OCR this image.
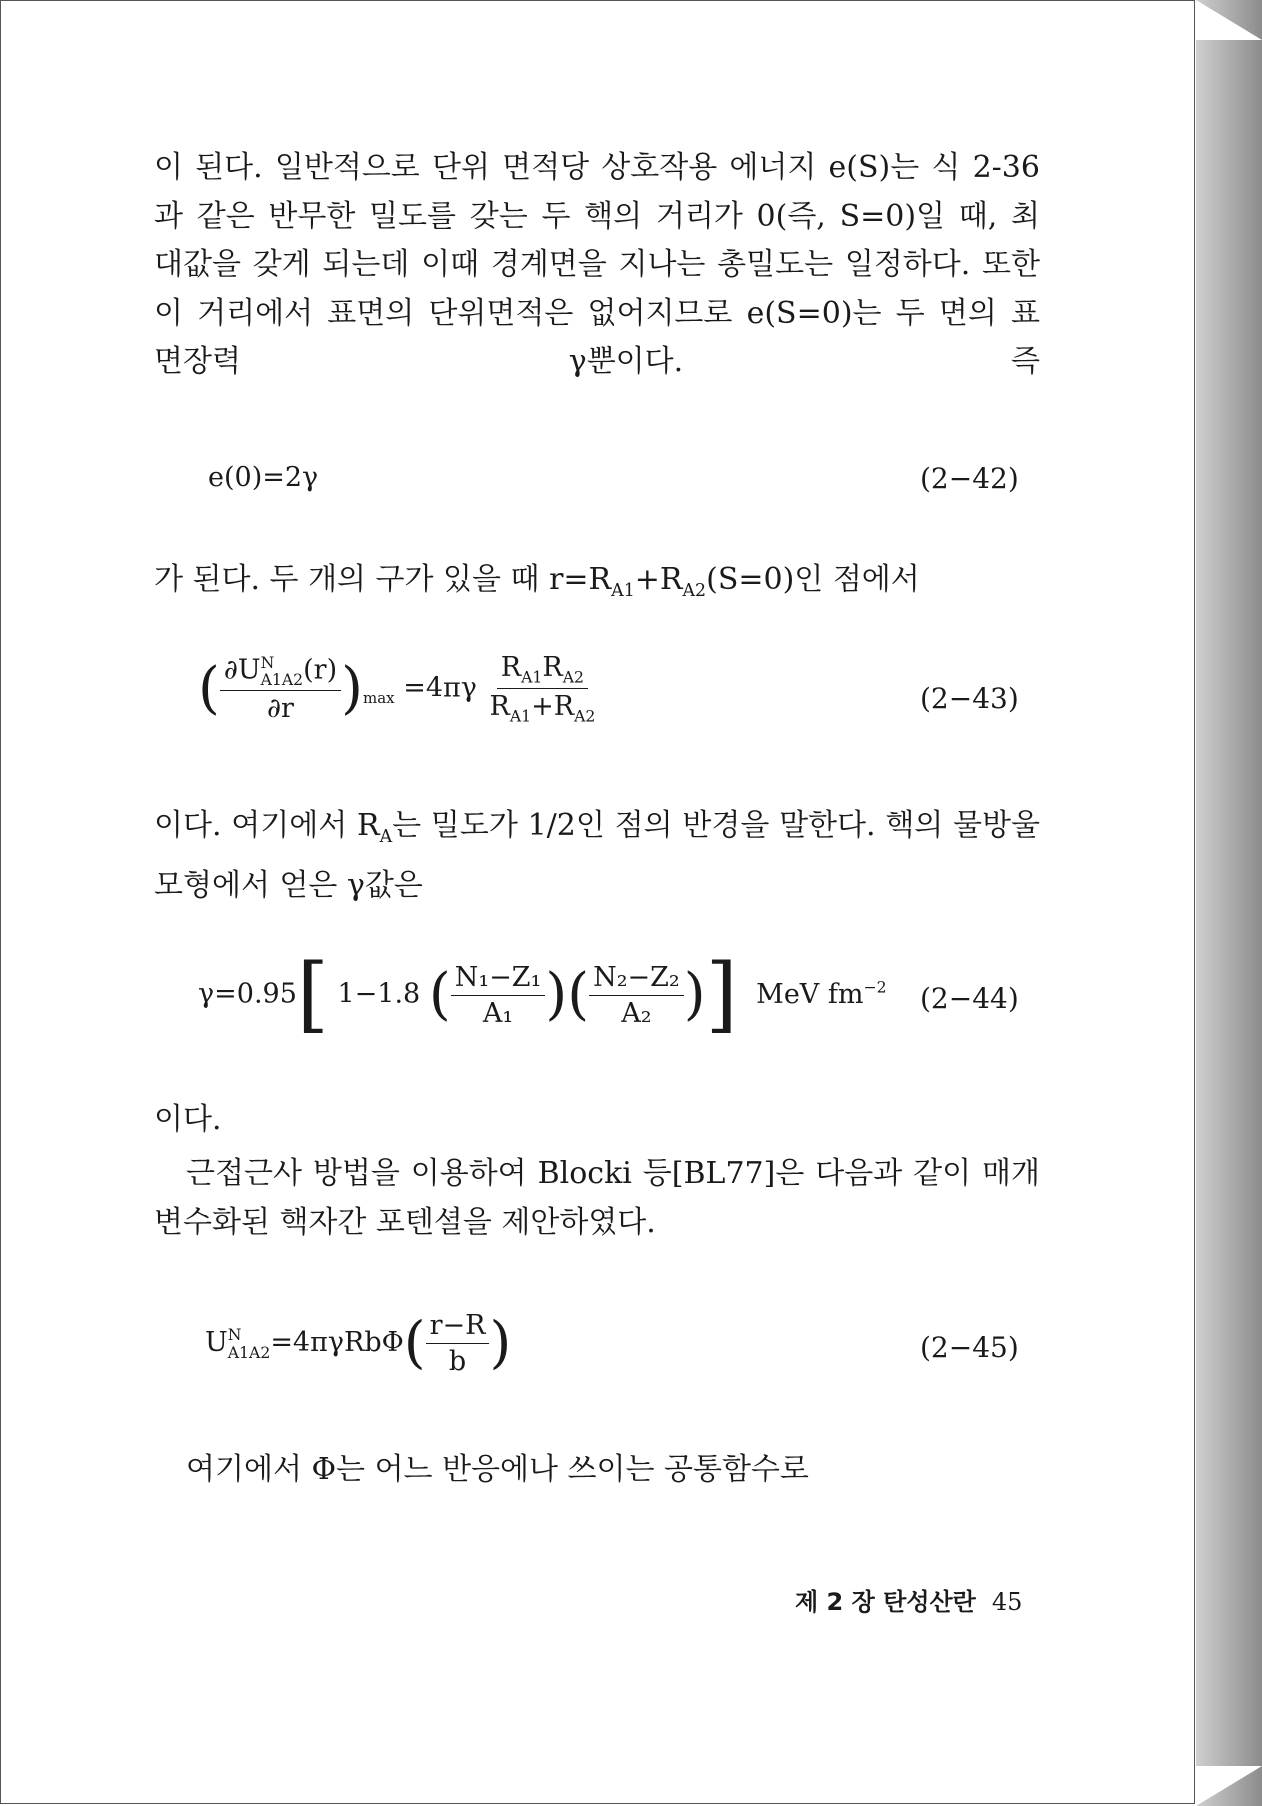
이 된다. 일반적으로 단위 면적당 상호작용 에너지 e(S)는 식 2-36
과 같은 반무한 밀도를 갖는 두 핵의 거리가 0(즉, S=0)일 때, 최
대값을 갖게 되는데 이때 경계면을 지나는 총밀도는 일정하다. 또한
이 거리에서 표면의 단위면적은 없어지므로 e(S=0)는 두 면의 표
면장력 γ뿐이다. 즉
e(0)=2γ	(2−42)
가 된다. 두 개의 구가 있을 때 $r=R_{A1}+R_{A2}(S=0)$인 점에서
( ∂U N
A1A2 (r)
∂r )$_{max} =4\pi\gamma \frac{R_{A1}R_{A2}}{R_{A1}+R_{A2}}$	(2−43)
이다. 여기에서 $R_A$는 밀도가 1/2인 점의 반경을 말한다. 핵의 물방울
모형에서 얻은 γ값은
γ=0.95[ 1−1.8 ( $\frac{\text{N₁−Z₁}}{\text{A₁}}$ )( $\frac{\text{N₂−Z₂}}{\text{A₂}}$ )] MeV $fm^{-2}$ (2−44)
이다.
근접근사 방법을 이용하여 Blocki 등[BL77]은 다음과 같이 매개
변수화된 핵자간 포텐셜을 제안하였다.
U N
$A1A2 =4\pi\gamma Rb\Phi( \frac{r-R}{b}$ )	(2−45)
여기에서 Φ는 어느 반응에나 쓰이는 공통함수로
제 2 장 탄성산란 45
